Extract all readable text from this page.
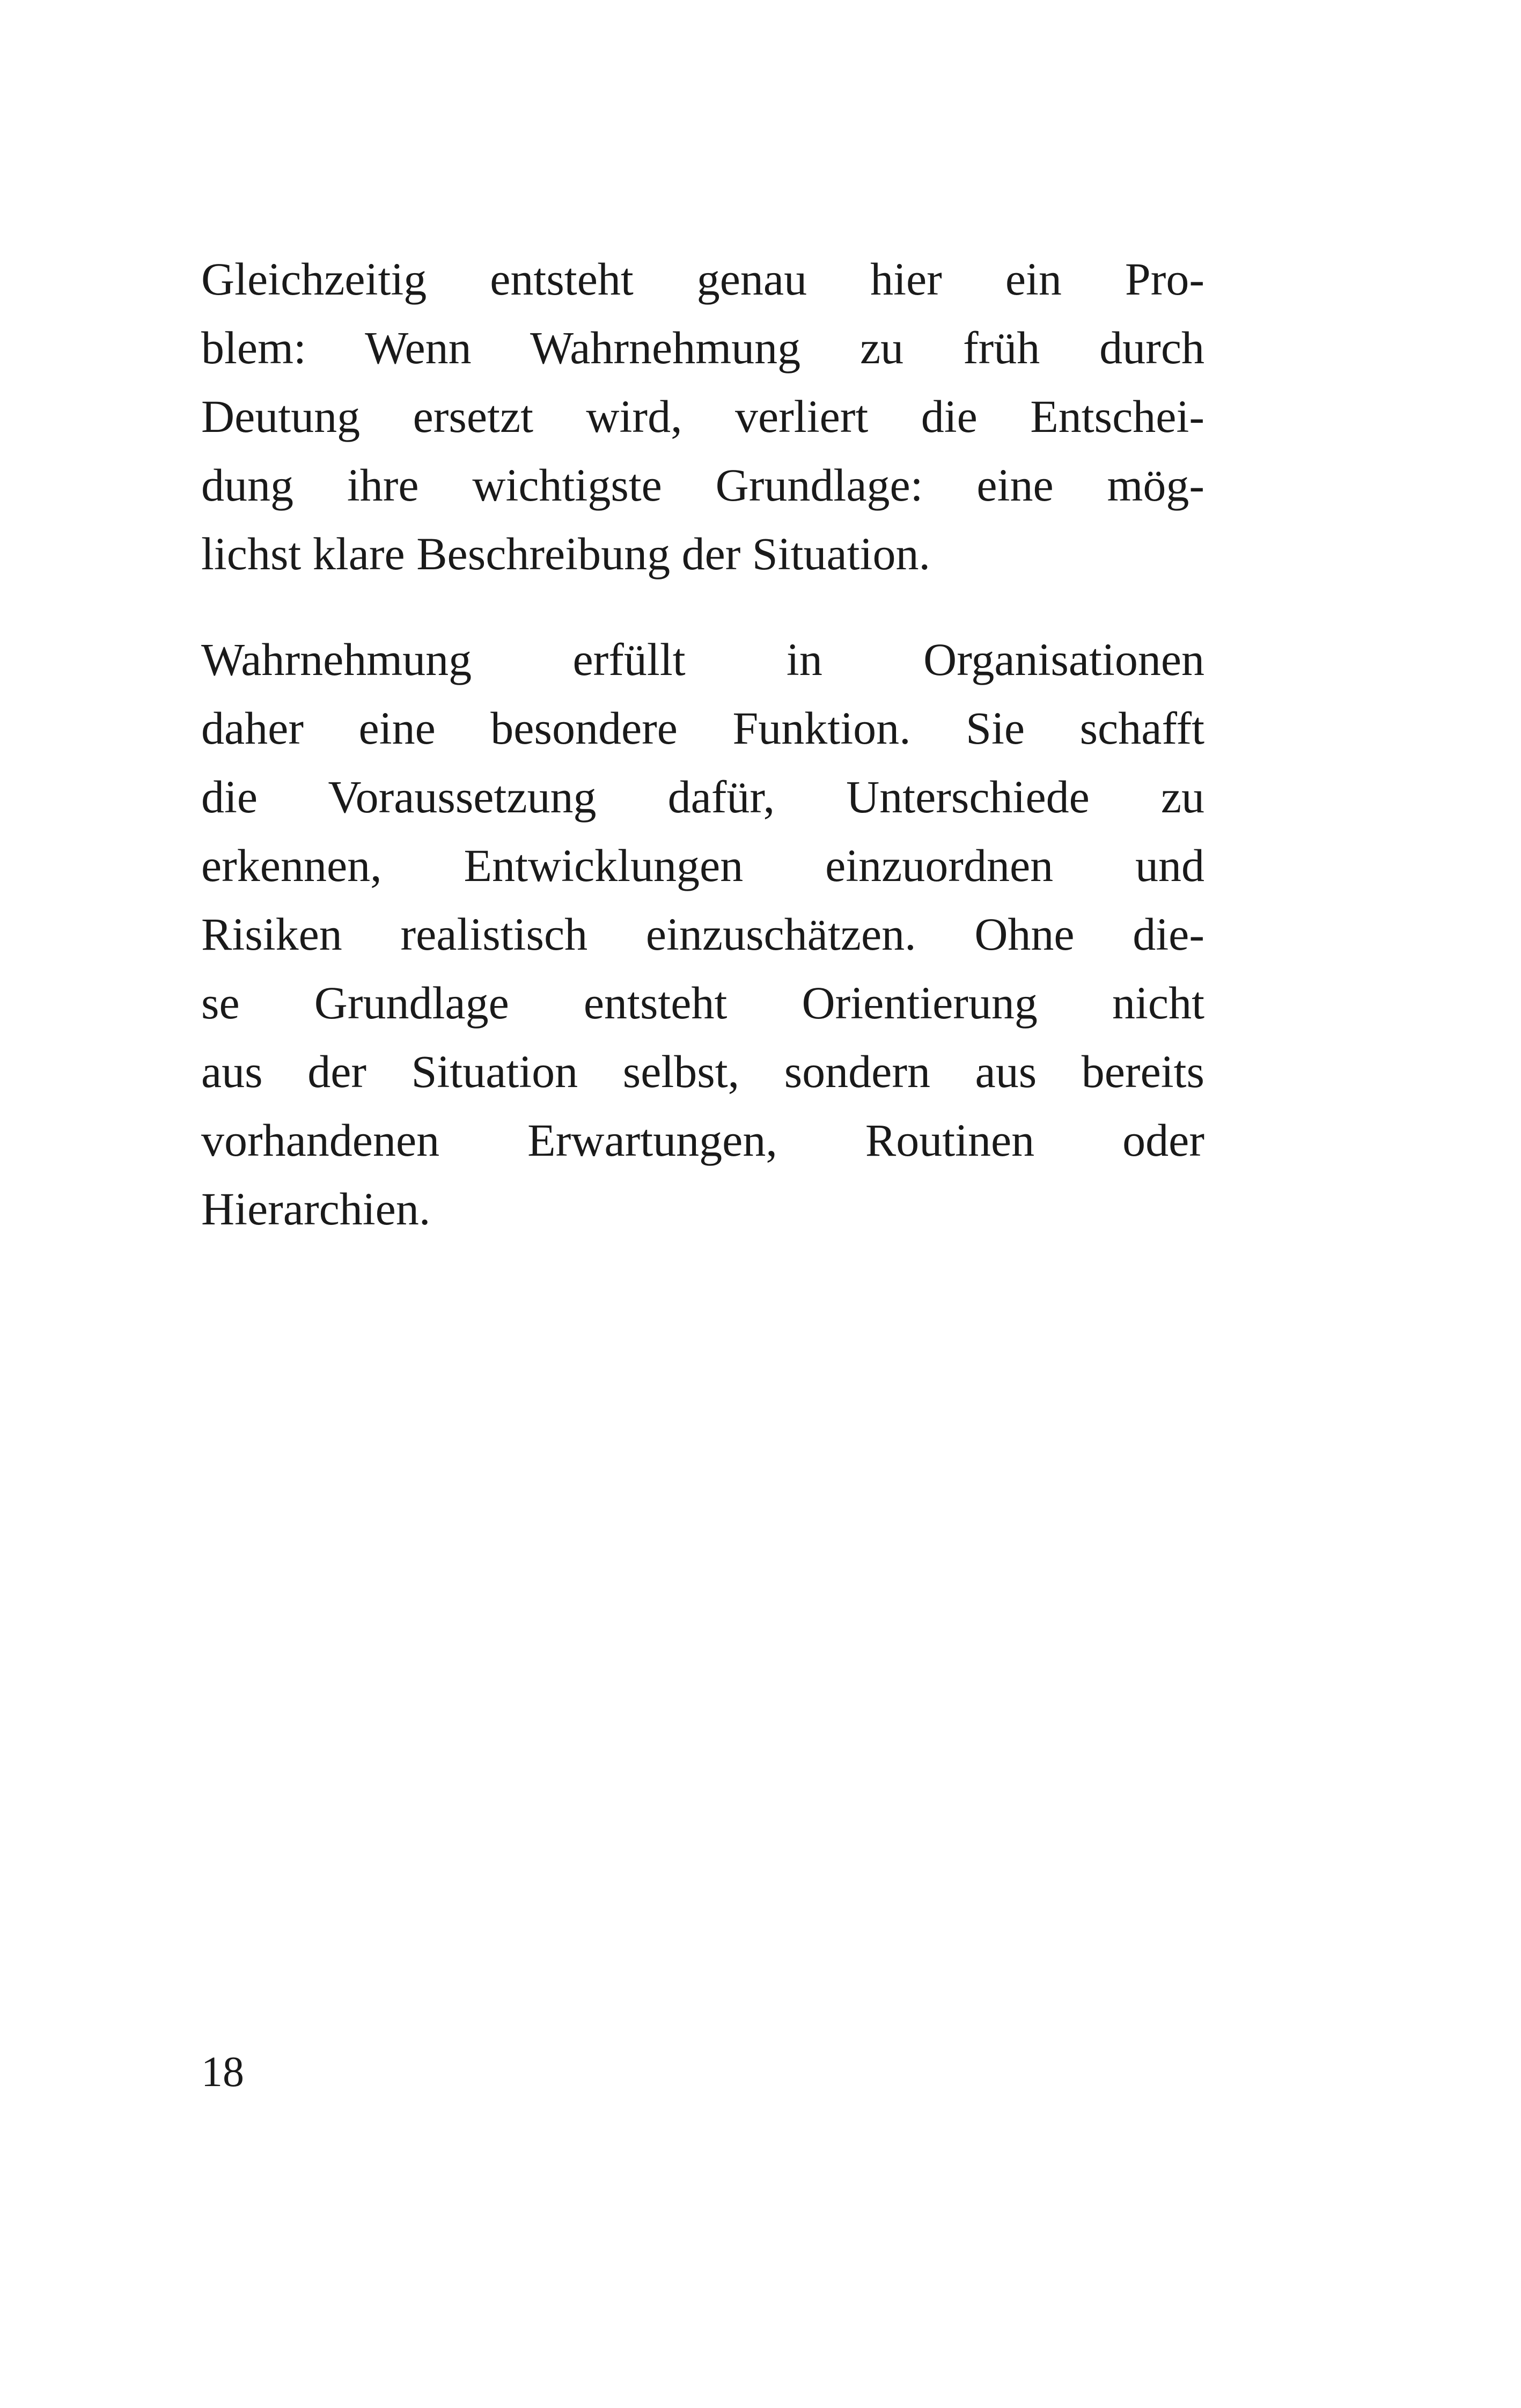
Gleichzeitig entsteht genau hier ein Pro-
blem: Wenn Wahrnehmung zu früh durch
Deutung ersetzt wird, verliert die Entschei-
dung ihre wichtigste Grundlage: eine mög-
lichst klare Beschreibung der Situation.
Wahrnehmung erfüllt in Organisationen
daher eine besondere Funktion. Sie schafft
die Voraussetzung dafür, Unterschiede zu
erkennen, Entwicklungen einzuordnen und
Risiken realistisch einzuschätzen. Ohne die-
se Grundlage entsteht Orientierung nicht
aus der Situation selbst, sondern aus bereits
vorhandenen Erwartungen, Routinen oder
Hierarchien.
18
